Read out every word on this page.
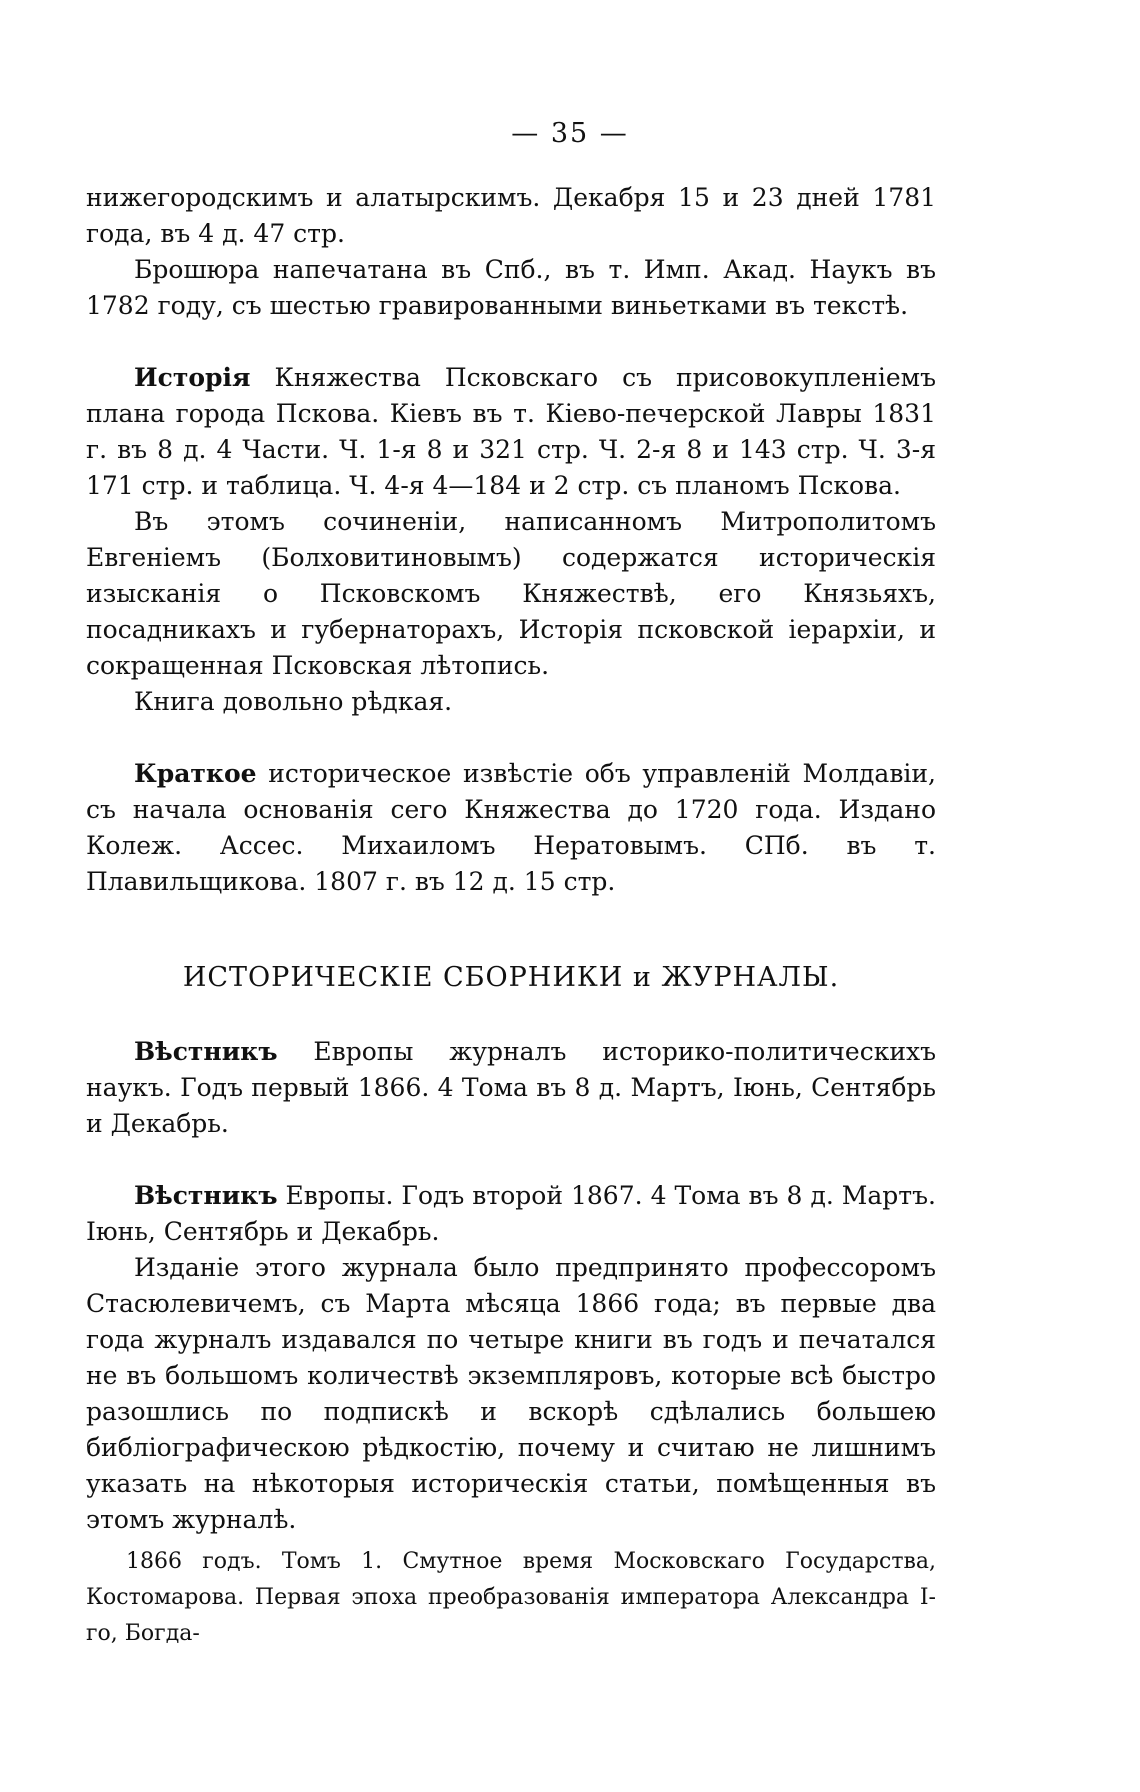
— 35 —

нижегородскимъ и алатырскимъ. Декабря 15 и 23 дней 1781 года, въ 4 д. 47 стр.

Брошюра напечатана въ Спб., въ т. Имп. Акад. Наукъ въ 1782 году, съ шестью гравированными виньетками въ текстѣ.

Исторія Княжества Псковскаго съ присовокупленіемъ плана города Пскова. Кіевъ въ т. Кіево-печерской Лавры 1831 г. въ 8 д. 4 Части. Ч. 1-я 8 и 321 стр. Ч. 2-я 8 и 143 стр. Ч. 3-я 171 стр. и таблица. Ч. 4-я 4—184 и 2 стр. съ планомъ Пскова.

Въ этомъ сочиненіи, написанномъ Митрополитомъ Евгеніемъ (Болховитиновымъ) содержатся историческія изысканія о Псковскомъ Княжествѣ, его Князьяхъ, посадникахъ и губернаторахъ, Исторія псковской іерархіи, и сокращенная Псковская лѣтопись.

Книга довольно рѣдкая.

Краткое историческое извѣстіе объ управленій Молдавіи, съ начала основанія сего Княжества до 1720 года. Издано Колеж. Ассес. Михаиломъ Нератовымъ. СПб. въ т. Плавильщикова. 1807 г. въ 12 д. 15 стр.

ИСТОРИЧЕСКІЕ СБОРНИКИ и ЖУРНАЛЫ.

Вѣстникъ Европы журналъ историко-политическихъ наукъ. Годъ первый 1866. 4 Тома въ 8 д. Мартъ, Іюнь, Сентябрь и Декабрь.

Вѣстникъ Европы. Годъ второй 1867. 4 Тома въ 8 д. Мартъ. Іюнь, Сентябрь и Декабрь.

Изданіе этого журнала было предпринято профессоромъ Стасюлевичемъ, съ Марта мѣсяца 1866 года; въ первые два года журналъ издавался по четыре книги въ годъ и печатался не въ большомъ количествѣ экземпляровъ, которые всѣ быстро разошлись по подпискѣ и вскорѣ сдѣлались большею библіографическою рѣдкостію, почему и считаю не лишнимъ указать на нѣкоторыя историческія статьи, помѣщенныя въ этомъ журналѣ.

1866 годъ. Томъ 1. Смутное время Московскаго Государства, Костомарова. Первая эпоха преобразованія императора Александра I-го, Богда-
